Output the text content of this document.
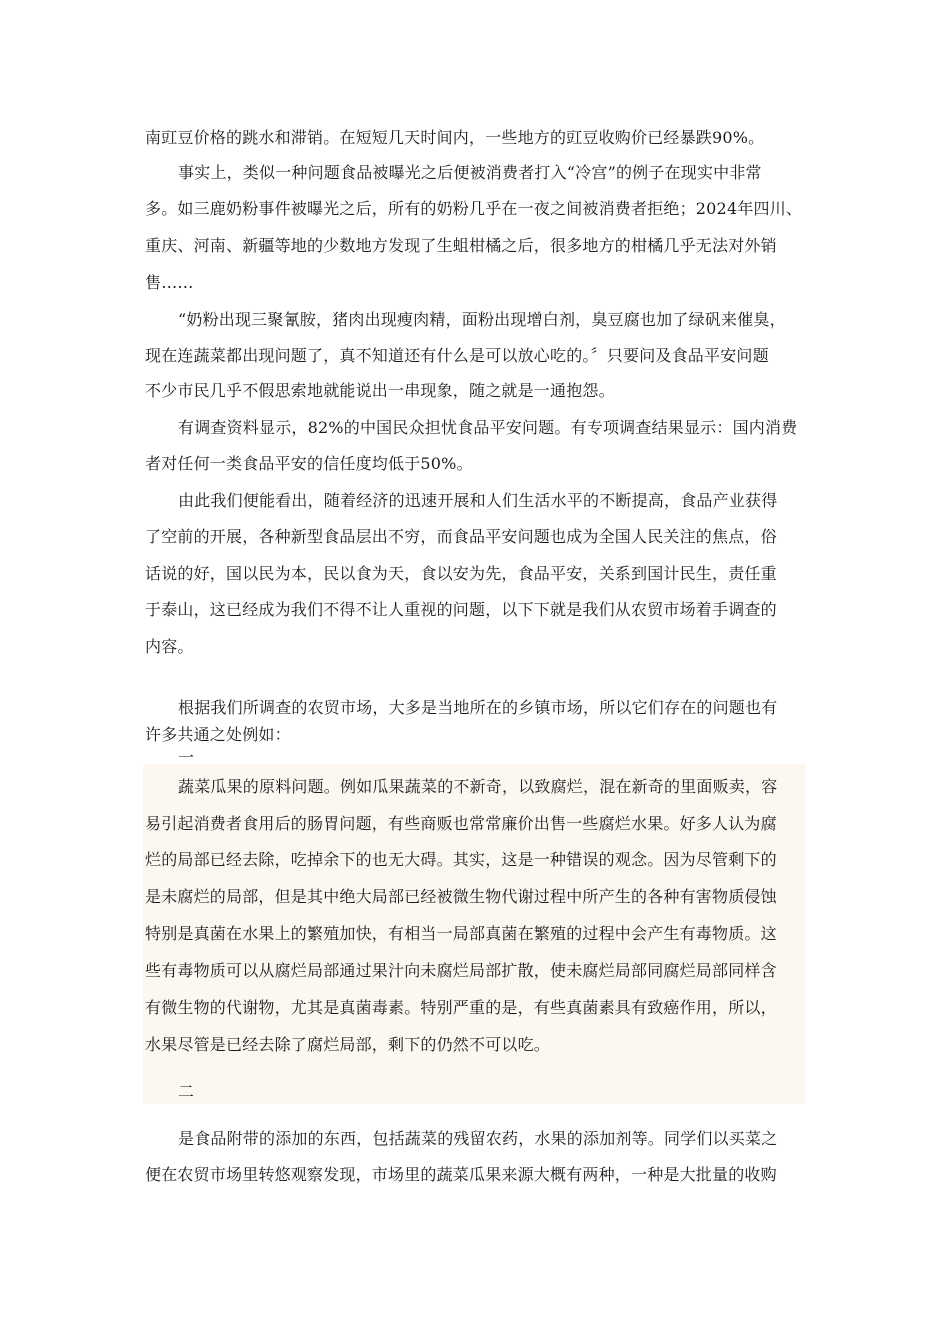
南豇豆价格的跳水和滞销。在短短几天时间内，一些地方的豇豆收购价已经暴跌90%。
事实上，类似一种问题食品被曝光之后便被消费者打入“冷宫”的例子在现实中非常
多。如三鹿奶粉事件被曝光之后，所有的奶粉几乎在一夜之间被消费者拒绝；2024年四川、
重庆、河南、新疆等地的少数地方发现了生蛆柑橘之后，很多地方的柑橘几乎无法对外销
售……
“奶粉出现三聚氰胺，猪肉出现瘦肉精，面粉出现增白剂，臭豆腐也加了绿矾来催臭，
现在连蔬菜都出现问题了，真不知道还有什么是可以放心吃的。〞只要问及食品平安问题
不少市民几乎不假思索地就能说出一串现象，随之就是一通抱怨。
有调查资料显示，82%的中国民众担忧食品平安问题。有专项调查结果显示：国内消费
者对任何一类食品平安的信任度均低于50%。
由此我们便能看出，随着经济的迅速开展和人们生活水平的不断提高，食品产业获得
了空前的开展，各种新型食品层出不穷，而食品平安问题也成为全国人民关注的焦点，俗
话说的好，国以民为本，民以食为天，食以安为先，食品平安，关系到国计民生，责任重
于泰山，这已经成为我们不得不让人重视的问题，以下下就是我们从农贸市场着手调查的
内容。
根据我们所调查的农贸市场，大多是当地所在的乡镇市场，所以它们存在的问题也有
许多共通之处例如：
一
蔬菜瓜果的原料问题。例如瓜果蔬菜的不新奇，以致腐烂，混在新奇的里面贩卖，容
易引起消费者食用后的肠胃问题，有些商贩也常常廉价出售一些腐烂水果。好多人认为腐
烂的局部已经去除，吃掉余下的也无大碍。其实，这是一种错误的观念。因为尽管剩下的
是未腐烂的局部，但是其中绝大局部已经被微生物代谢过程中所产生的各种有害物质侵蚀
特别是真菌在水果上的繁殖加快，有相当一局部真菌在繁殖的过程中会产生有毒物质。这
些有毒物质可以从腐烂局部通过果汁向未腐烂局部扩散，使未腐烂局部同腐烂局部同样含
有微生物的代谢物，尤其是真菌毒素。特别严重的是，有些真菌素具有致癌作用，所以，
水果尽管是已经去除了腐烂局部，剩下的仍然不可以吃。
二
是食品附带的添加的东西，包括蔬菜的残留农药，水果的添加剂等。同学们以买菜之
便在农贸市场里转悠观察发现，市场里的蔬菜瓜果来源大概有两种，一种是大批量的收购
